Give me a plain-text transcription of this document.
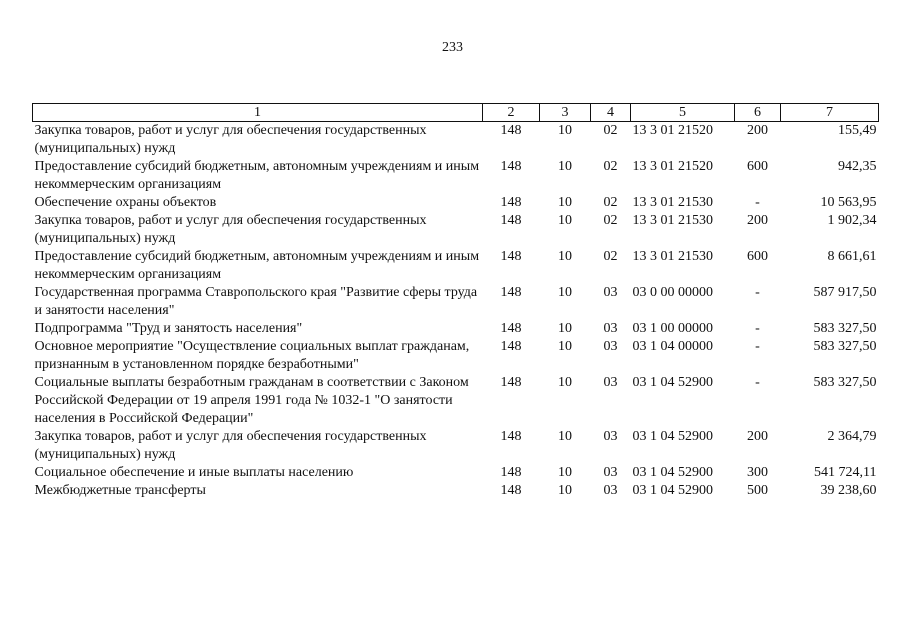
233
1	2	3	4	5	6	7
Закупка товаров, работ и услуг для обеспечения государственных (муниципальных) нужд	148	10	02	13 3 01 21520	200	155,49
Предоставление субсидий бюджетным, автономным учреждениям и иным некоммерческим организациям	148	10	02	13 3 01 21520	600	942,35
Обеспечение охраны объектов	148	10	02	13 3 01 21530	-	10 563,95
Закупка товаров, работ и услуг для обеспечения государственных (муниципальных) нужд	148	10	02	13 3 01 21530	200	1 902,34
Предоставление субсидий бюджетным, автономным учреждениям и иным некоммерческим организациям	148	10	02	13 3 01 21530	600	8 661,61
Государственная программа Ставропольского края "Развитие сферы труда и занятости населения"	148	10	03	03 0 00 00000	-	587 917,50
Подпрограмма "Труд и занятость населения"	148	10	03	03 1 00 00000	-	583 327,50
Основное мероприятие "Осуществление социальных выплат гражданам, признанным в установленном порядке безработными"	148	10	03	03 1 04 00000	-	583 327,50
Социальные выплаты безработным гражданам в соответствии с Законом Российской Федерации от 19 апреля 1991 года № 1032-1 "О занятости населения в Российской Федерации"	148	10	03	03 1 04 52900	-	583 327,50
Закупка товаров, работ и услуг для обеспечения государственных (муниципальных) нужд	148	10	03	03 1 04 52900	200	2 364,79
Социальное обеспечение и иные выплаты населению	148	10	03	03 1 04 52900	300	541 724,11
Межбюджетные трансферты	148	10	03	03 1 04 52900	500	39 238,60
